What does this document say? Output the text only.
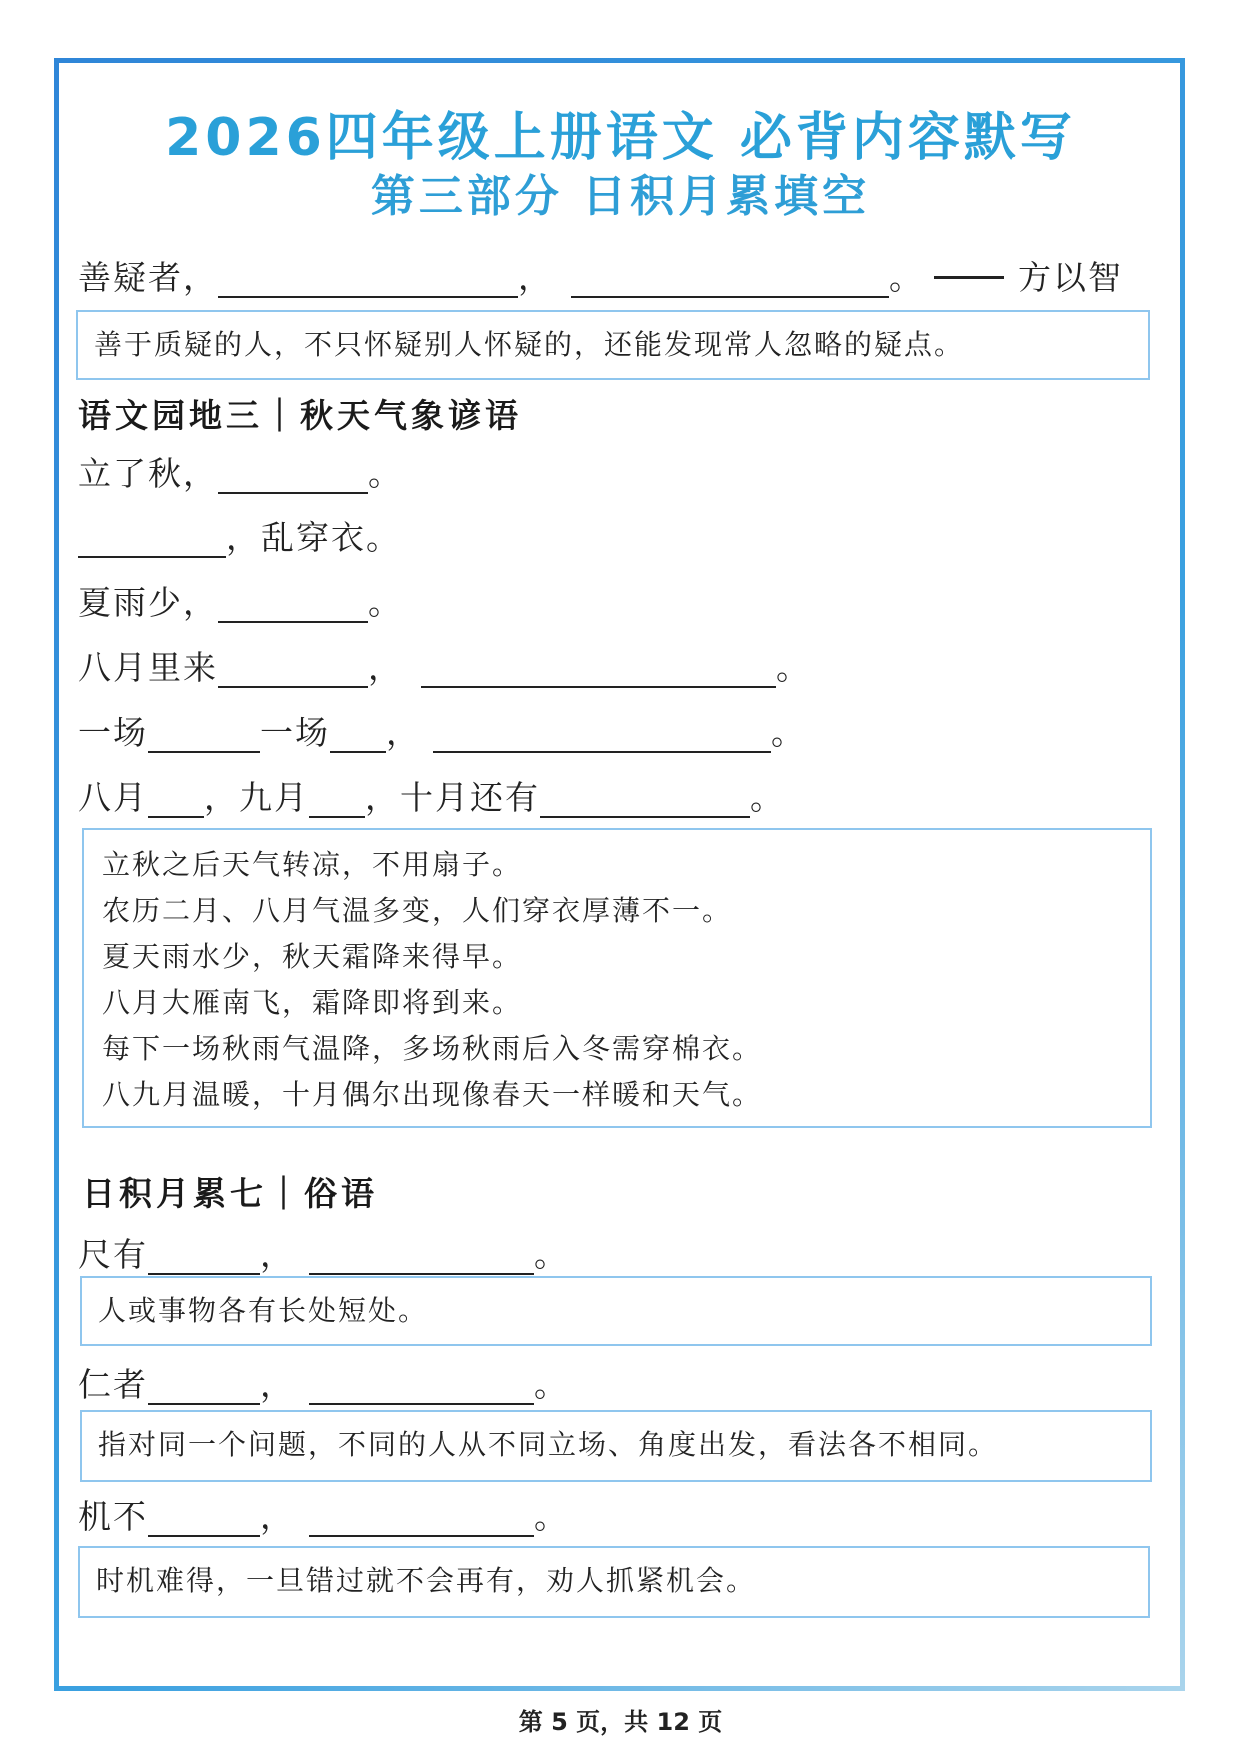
2026四年级上册语文 必背内容默写
第三部分 日积月累填空
善疑者，	，	。	方以智
善于质疑的人，不只怀疑别人怀疑的，还能发现常人忽略的疑点。
语文园地三｜秋天气象谚语
立了秋，	。
，乱穿衣。
夏雨少，	。
八月里来	，	。
一场	一场 ，	。
八月 ，九月 ，十月还有	。
立秋之后天气转凉，不用扇子。
农历二月、八月气温多变，人们穿衣厚薄不一。
夏天雨水少，秋天霜降来得早。
八月大雁南飞，霜降即将到来。
每下一场秋雨气温降，多场秋雨后入冬需穿棉衣。
八九月温暖，十月偶尔出现像春天一样暖和天气。
日积月累七｜俗语
尺有	，	。
人或事物各有长处短处。
仁者	，	。
指对同一个问题，不同的人从不同立场、角度出发，看法各不相同。
机不	，	。
时机难得，一旦错过就不会再有，劝人抓紧机会。
第 5 页，共 12 页
